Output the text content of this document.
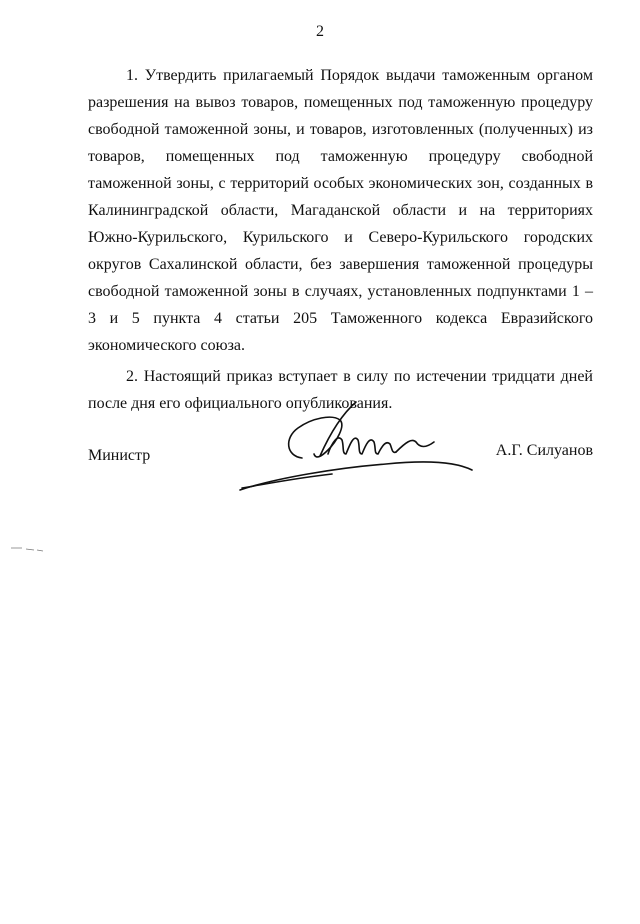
2

1. Утвердить прилагаемый Порядок выдачи таможенным органом разрешения на вывоз товаров, помещенных под таможенную процедуру свободной таможенной зоны, и товаров, изготовленных (полученных) из товаров, помещенных под таможенную процедуру свободной таможенной зоны, с территорий особых экономических зон, созданных в Калининградской области, Магаданской области и на территориях Южно-Курильского, Курильского и Северо-Курильского городских округов Сахалинской области, без завершения таможенной процедуры свободной таможенной зоны в случаях, установленных подпунктами 1 – 3 и 5 пункта 4 статьи 205 Таможенного кодекса Евразийского экономического союза.

2. Настоящий приказ вступает в силу по истечении тридцати дней после дня его официального опубликования.

Министр	А.Г. Силуанов
